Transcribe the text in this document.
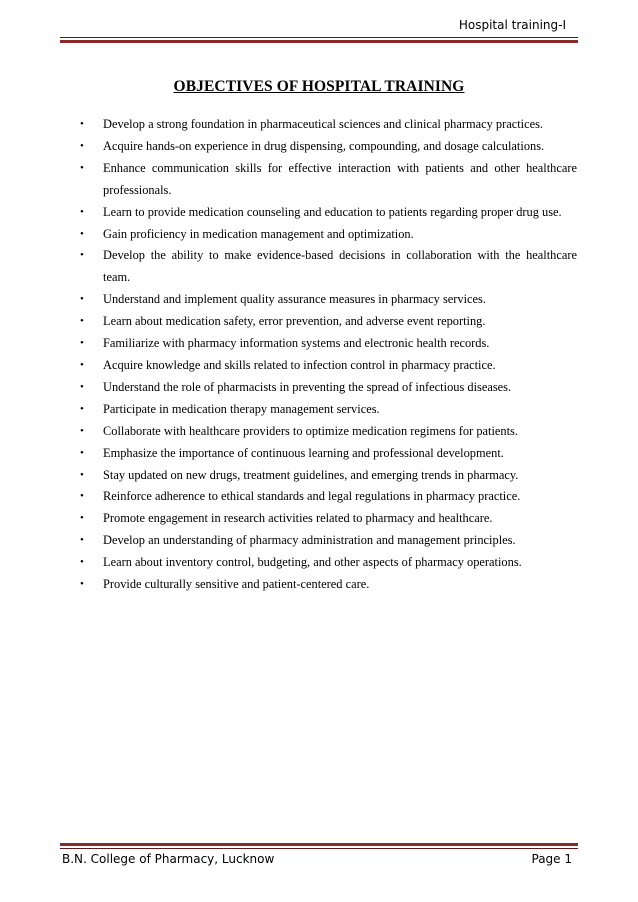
Hospital training-I
OBJECTIVES OF HOSPITAL TRAINING
• Develop a strong foundation in pharmaceutical sciences and clinical pharmacy practices.
• Acquire hands-on experience in drug dispensing, compounding, and dosage calculations.
• Enhance communication skills for effective interaction with patients and other healthcare professionals.
• Learn to provide medication counseling and education to patients regarding proper drug use.
• Gain proficiency in medication management and optimization.
• Develop the ability to make evidence-based decisions in collaboration with the healthcare team.
• Understand and implement quality assurance measures in pharmacy services.
• Learn about medication safety, error prevention, and adverse event reporting.
• Familiarize with pharmacy information systems and electronic health records.
• Acquire knowledge and skills related to infection control in pharmacy practice.
• Understand the role of pharmacists in preventing the spread of infectious diseases.
• Participate in medication therapy management services.
• Collaborate with healthcare providers to optimize medication regimens for patients.
• Emphasize the importance of continuous learning and professional development.
• Stay updated on new drugs, treatment guidelines, and emerging trends in pharmacy.
• Reinforce adherence to ethical standards and legal regulations in pharmacy practice.
• Promote engagement in research activities related to pharmacy and healthcare.
• Develop an understanding of pharmacy administration and management principles.
• Learn about inventory control, budgeting, and other aspects of pharmacy operations.
• Provide culturally sensitive and patient-centered care.
B.N. College of Pharmacy, Lucknow	Page 1
